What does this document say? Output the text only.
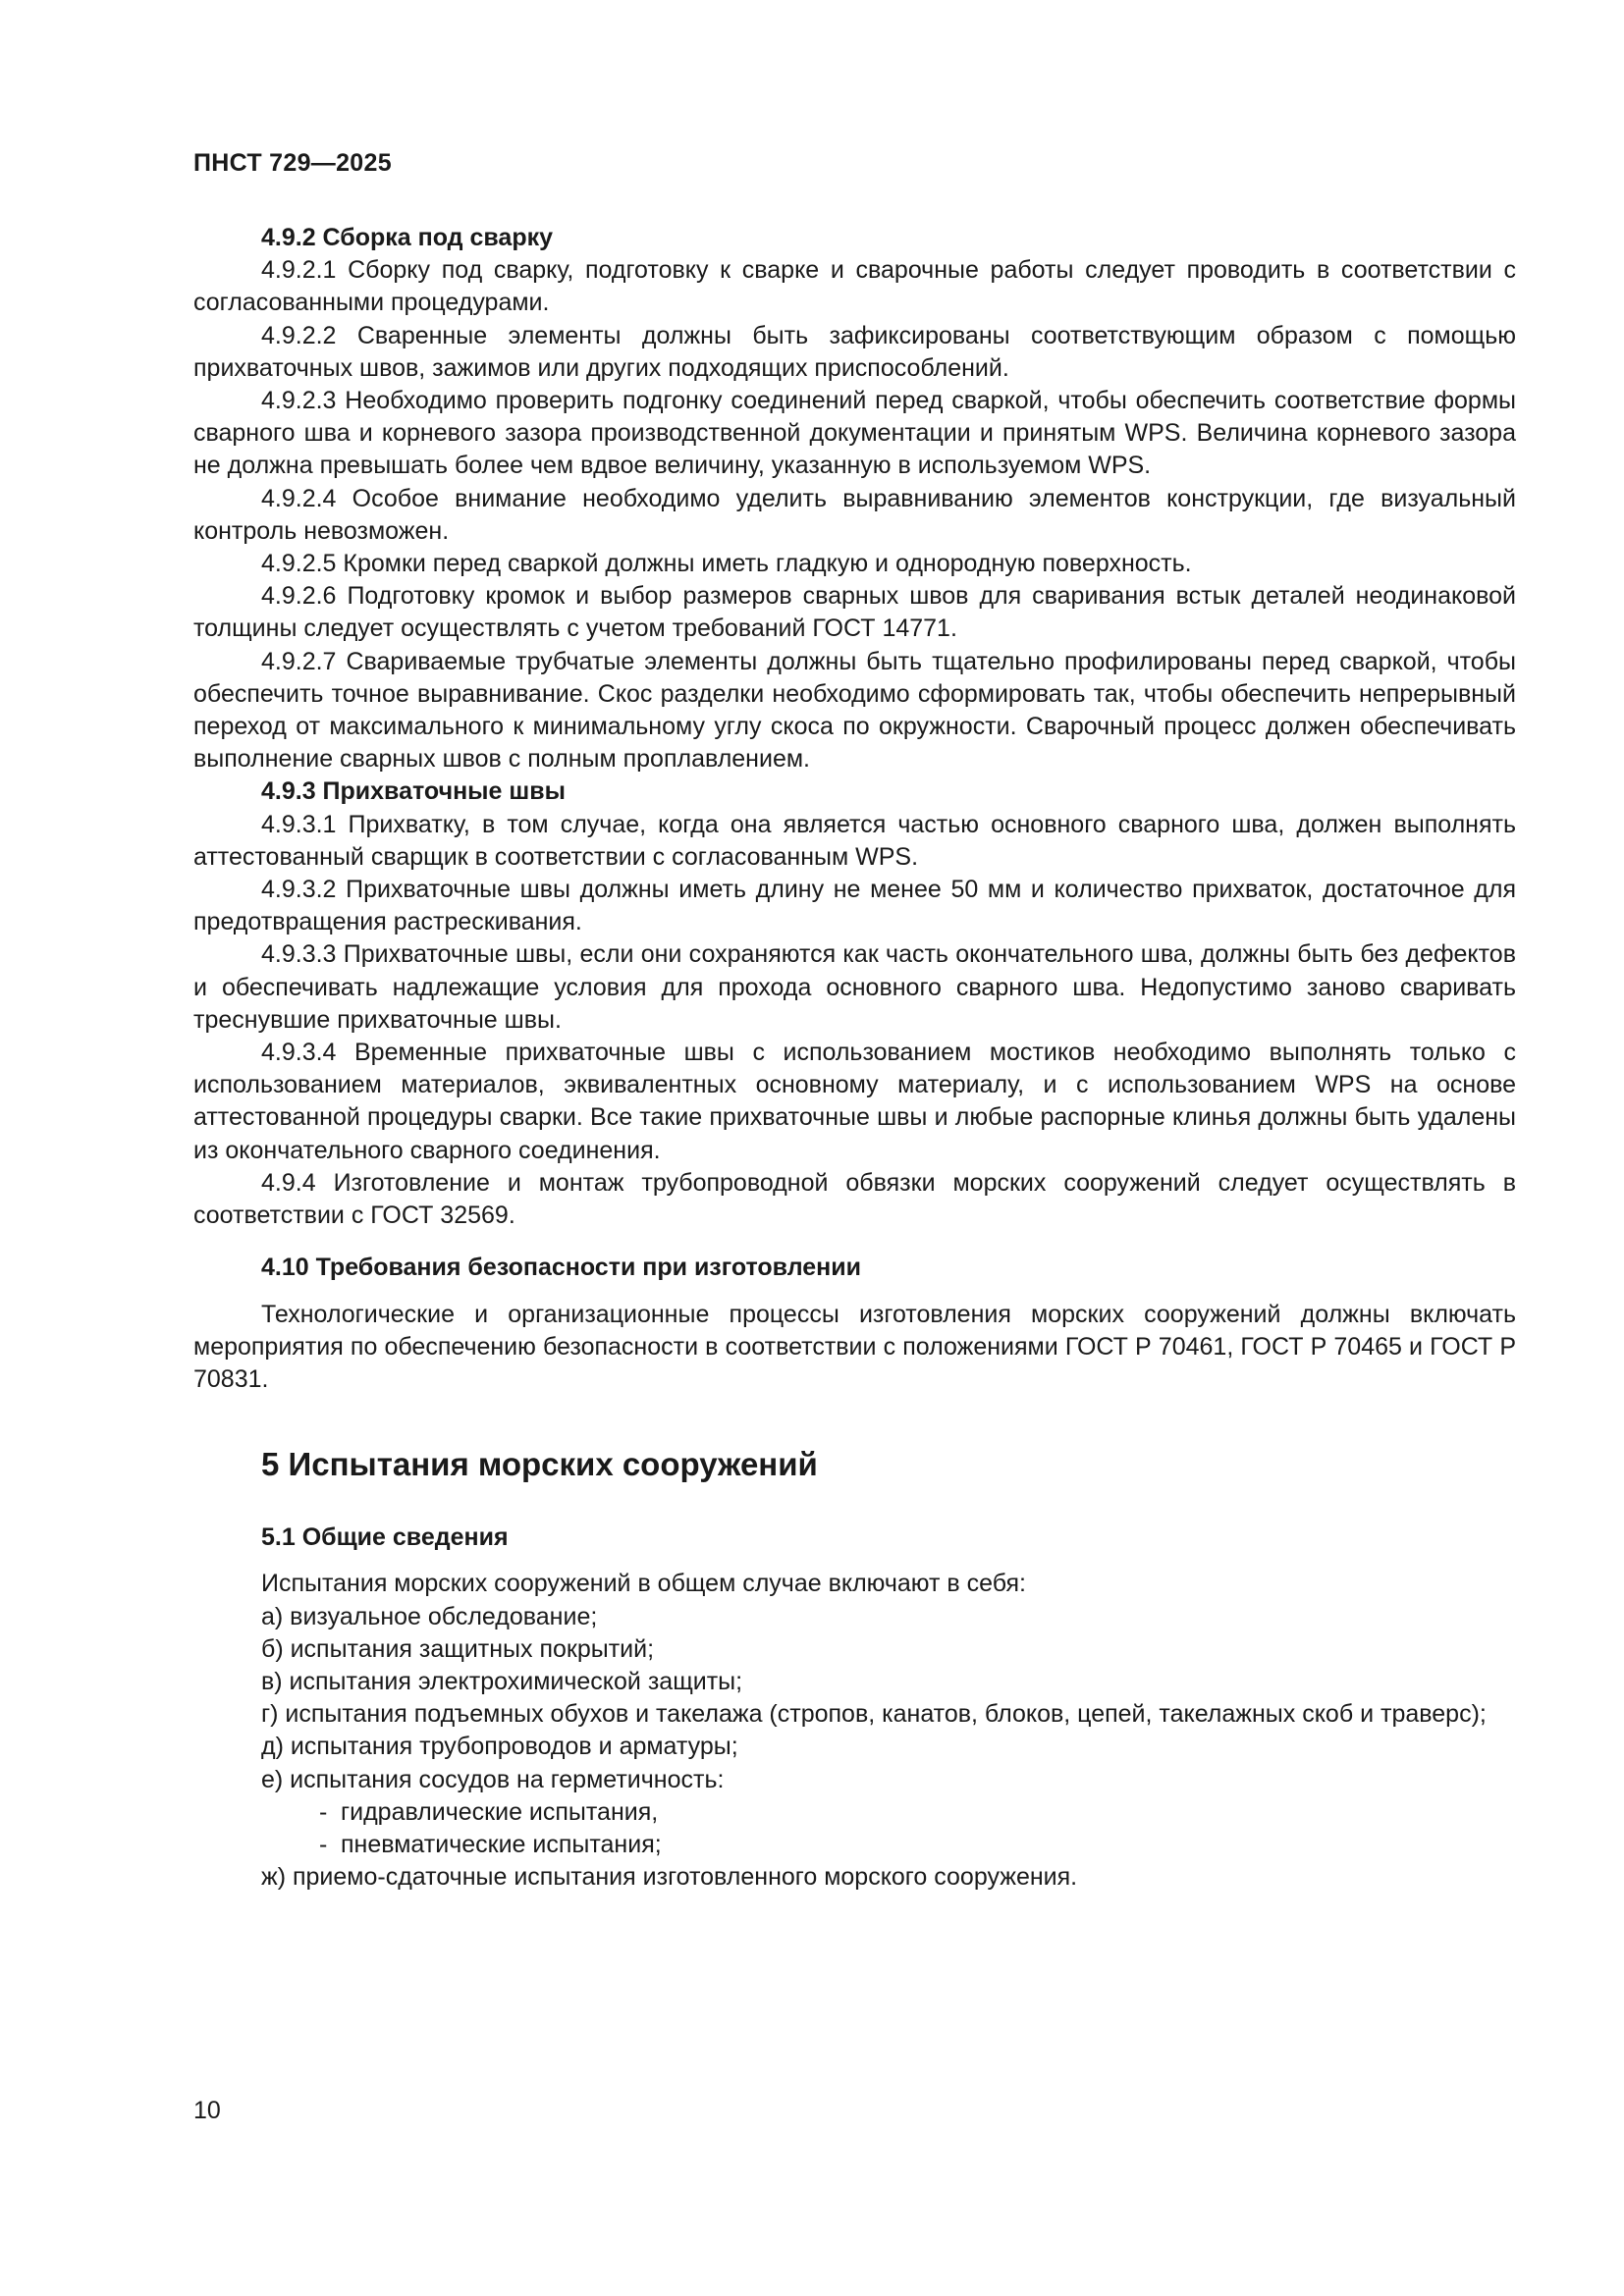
ПНСТ 729—2025

4.9.2 Сборка под сварку

4.9.2.1 Сборку под сварку, подготовку к сварке и сварочные работы следует проводить в соответствии с согласованными процедурами.

4.9.2.2 Сваренные элементы должны быть зафиксированы соответствующим образом с помощью прихваточных швов, зажимов или других подходящих приспособлений.

4.9.2.3 Необходимо проверить подгонку соединений перед сваркой, чтобы обеспечить соответствие формы сварного шва и корневого зазора производственной документации и принятым WPS. Величина корневого зазора не должна превышать более чем вдвое величину, указанную в используемом WPS.

4.9.2.4 Особое внимание необходимо уделить выравниванию элементов конструкции, где визуальный контроль невозможен.

4.9.2.5 Кромки перед сваркой должны иметь гладкую и однородную поверхность.

4.9.2.6 Подготовку кромок и выбор размеров сварных швов для сваривания встык деталей неодинаковой толщины следует осуществлять с учетом требований ГОСТ 14771.

4.9.2.7 Свариваемые трубчатые элементы должны быть тщательно профилированы перед сваркой, чтобы обеспечить точное выравнивание. Скос разделки необходимо сформировать так, чтобы обеспечить непрерывный переход от максимального к минимальному углу скоса по окружности. Сварочный процесс должен обеспечивать выполнение сварных швов с полным проплавлением.

4.9.3 Прихваточные швы

4.9.3.1 Прихватку, в том случае, когда она является частью основного сварного шва, должен выполнять аттестованный сварщик в соответствии с согласованным WPS.

4.9.3.2 Прихваточные швы должны иметь длину не менее 50 мм и количество прихваток, достаточное для предотвращения растрескивания.

4.9.3.3 Прихваточные швы, если они сохраняются как часть окончательного шва, должны быть без дефектов и обеспечивать надлежащие условия для прохода основного сварного шва. Недопустимо заново сваривать треснувшие прихваточные швы.

4.9.3.4 Временные прихваточные швы с использованием мостиков необходимо выполнять только с использованием материалов, эквивалентных основному материалу, и с использованием WPS на основе аттестованной процедуры сварки. Все такие прихваточные швы и любые распорные клинья должны быть удалены из окончательного сварного соединения.

4.9.4 Изготовление и монтаж трубопроводной обвязки морских сооружений следует осуществлять в соответствии с ГОСТ 32569.

4.10 Требования безопасности при изготовлении

Технологические и организационные процессы изготовления морских сооружений должны включать мероприятия по обеспечению безопасности в соответствии с положениями ГОСТ Р 70461, ГОСТ Р 70465 и ГОСТ Р 70831.

5 Испытания морских сооружений

5.1 Общие сведения

Испытания морских сооружений в общем случае включают в себя:

а) визуальное обследование;

б) испытания защитных покрытий;

в) испытания электрохимической защиты;

г) испытания подъемных обухов и такелажа (стропов, канатов, блоков, цепей, такелажных скоб и траверс);

д) испытания трубопроводов и арматуры;

е) испытания сосудов на герметичность:

- гидравлические испытания,

- пневматические испытания;

ж) приемо-сдаточные испытания изготовленного морского сооружения.

10
